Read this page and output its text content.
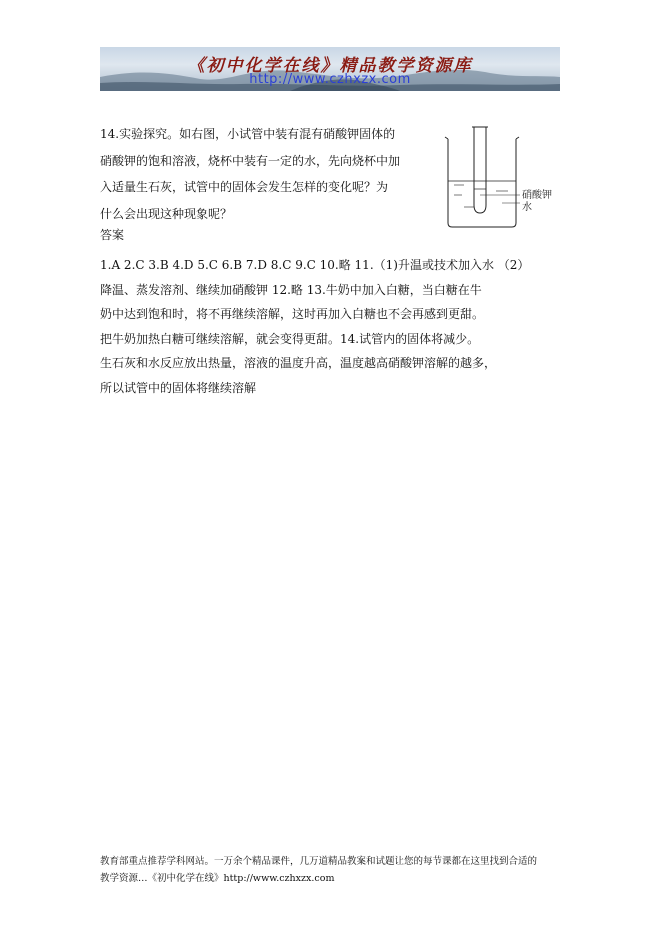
《初中化学在线》精品教学资源库
http://www.czhxzx.com

14.实验探究。如右图，小试管中装有混有硝酸钾固体的

硝酸钾的饱和溶液，烧杯中装有一定的水，先向烧杯中加

入适量生石灰，试管中的固体会发生怎样的变化呢？为

什么会出现这种现象呢？

硝酸钾
水
答案

1.A 2.C 3.B 4.D 5.C 6.B 7.D 8.C 9.C 10.略 11.（1)升温或技术加入水 （2）

降温、蒸发溶剂、继续加硝酸钾 12.略 13.牛奶中加入白糖，当白糖在牛

奶中达到饱和时，将不再继续溶解，这时再加入白糖也不会再感到更甜。

把牛奶加热白糖可继续溶解，就会变得更甜。14.试管内的固体将减少。

生石灰和水反应放出热量，溶液的温度升高，温度越高硝酸钾溶解的越多，

所以试管中的固体将继续溶解

教育部重点推荐学科网站。一万余个精品课件，几万道精品教案和试题让您的每节课都在这里找到合适的

教学资源…《初中化学在线》http://www.czhxzx.com
